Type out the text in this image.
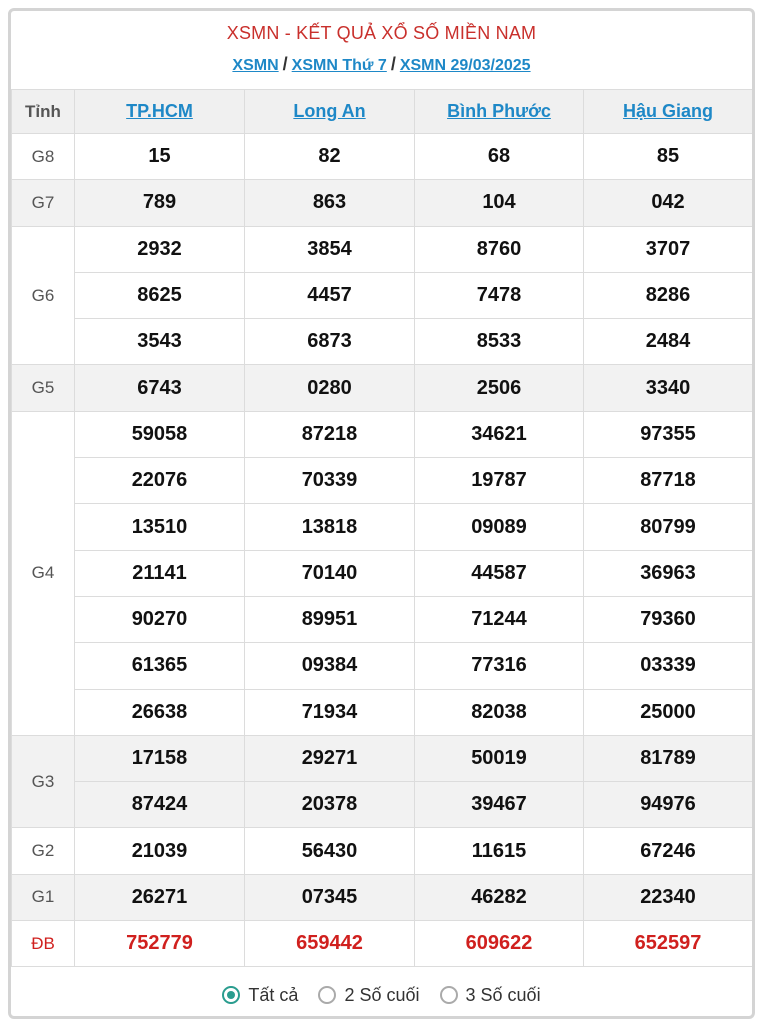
XSMN - KẾT QUẢ XỔ SỐ MIỀN NAM
XSMN / XSMN Thứ 7 / XSMN 29/03/2025
Tỉnh	TP.HCM	Long An	Bình Phước	Hậu Giang
G8	15	82	68	85
G7	789	863	104	042
G6	2932	3854	8760	3707
	8625	4457	7478	8286
	3543	6873	8533	2484
G5	6743	0280	2506	3340
G4	59058	87218	34621	97355
	22076	70339	19787	87718
	13510	13818	09089	80799
	21141	70140	44587	36963
	90270	89951	71244	79360
	61365	09384	77316	03339
	26638	71934	82038	25000
G3	17158	29271	50019	81789
	87424	20378	39467	94976
G2	21039	56430	11615	67246
G1	26271	07345	46282	22340
ĐB	752779	659442	609622	652597
Tất cả	2 Số cuối	3 Số cuối
